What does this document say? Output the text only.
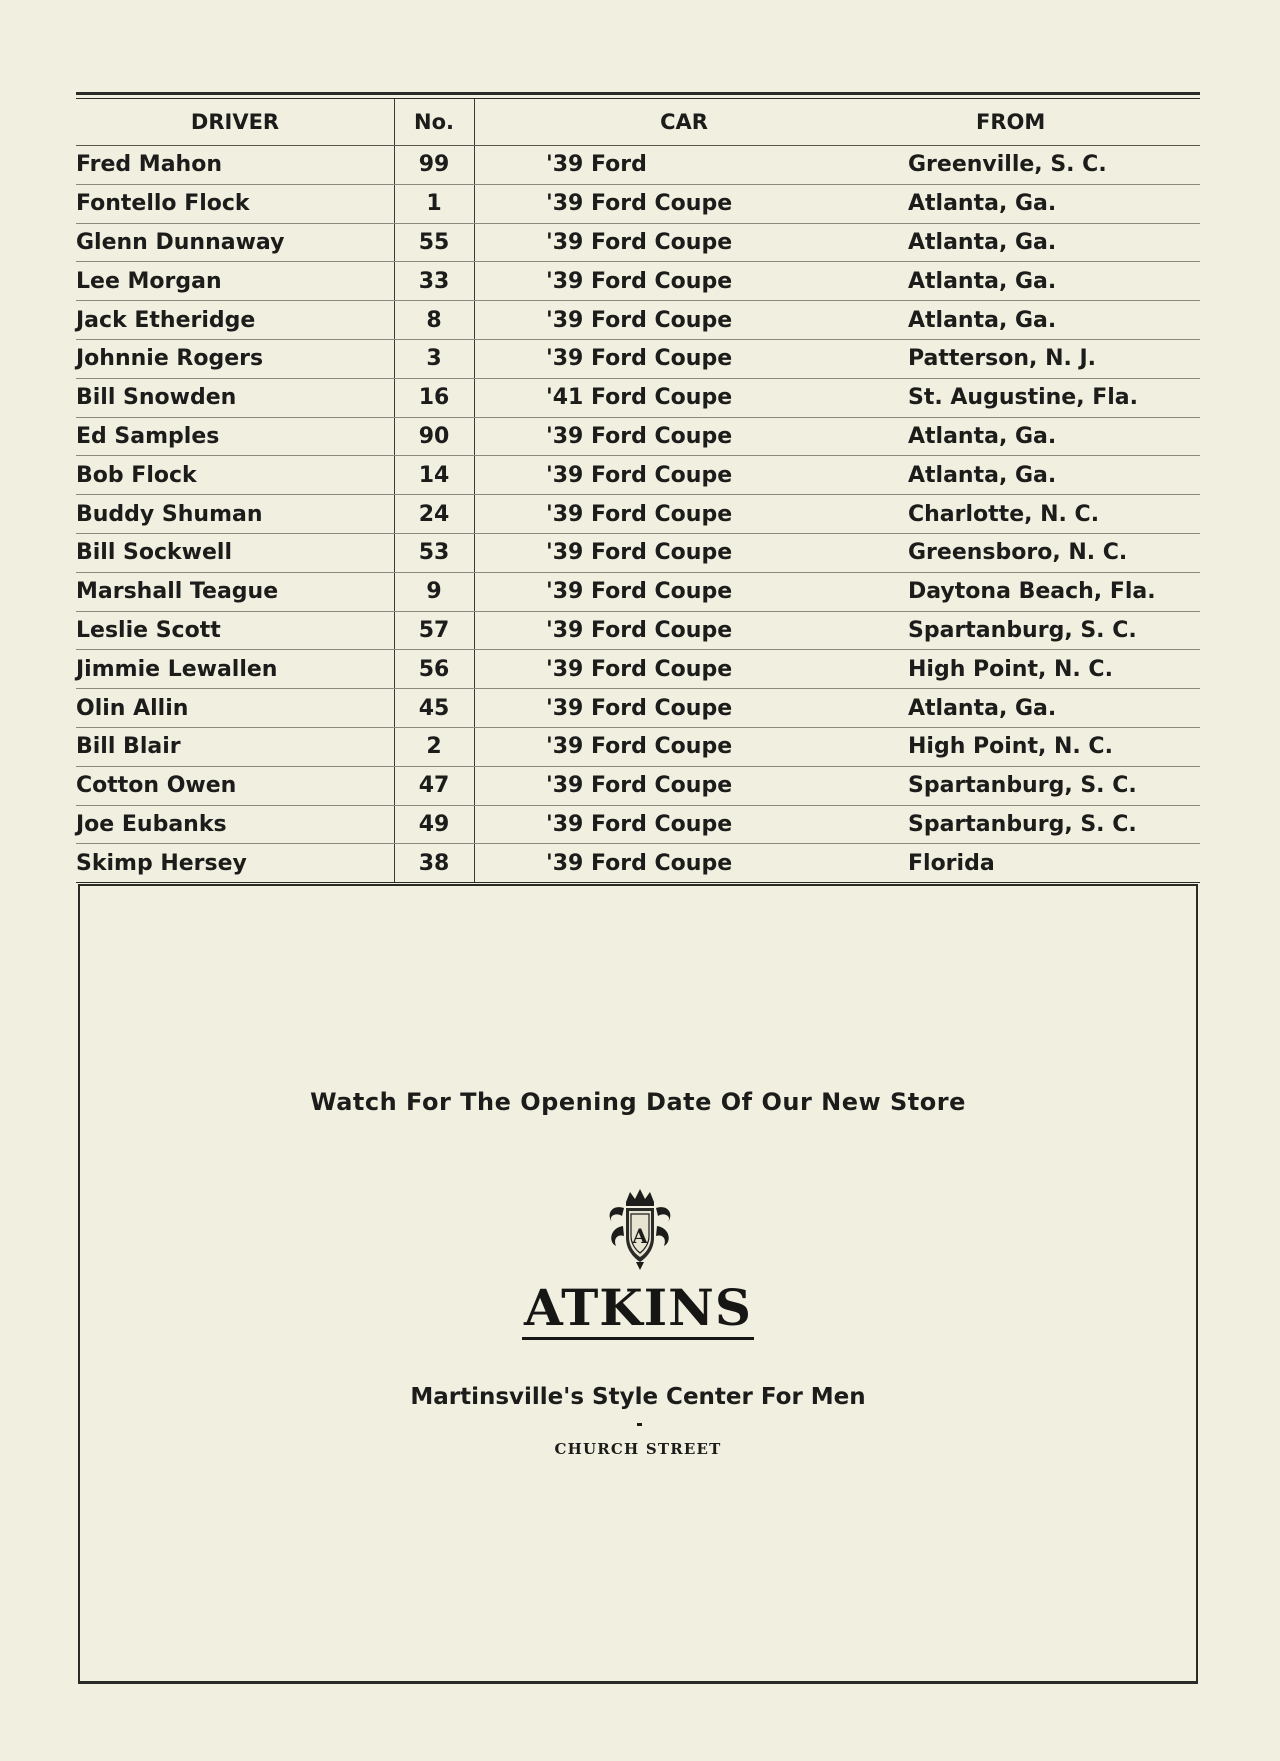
DRIVER	No.	CAR	FROM
Fred Mahon	99	'39 Ford	Greenville, S. C.
Fontello Flock	1	'39 Ford Coupe	Atlanta, Ga.
Glenn Dunnaway	55	'39 Ford Coupe	Atlanta, Ga.
Lee Morgan	33	'39 Ford Coupe	Atlanta, Ga.
Jack Etheridge	8	'39 Ford Coupe	Atlanta, Ga.
Johnnie Rogers	3	'39 Ford Coupe	Patterson, N. J.
Bill Snowden	16	'41 Ford Coupe	St. Augustine, Fla.
Ed Samples	90	'39 Ford Coupe	Atlanta, Ga.
Bob Flock	14	'39 Ford Coupe	Atlanta, Ga.
Buddy Shuman	24	'39 Ford Coupe	Charlotte, N. C.
Bill Sockwell	53	'39 Ford Coupe	Greensboro, N. C.
Marshall Teague	9	'39 Ford Coupe	Daytona Beach, Fla.
Leslie Scott	57	'39 Ford Coupe	Spartanburg, S. C.
Jimmie Lewallen	56	'39 Ford Coupe	High Point, N. C.
Olin Allin	45	'39 Ford Coupe	Atlanta, Ga.
Bill Blair	2	'39 Ford Coupe	High Point, N. C.
Cotton Owen	47	'39 Ford Coupe	Spartanburg, S. C.
Joe Eubanks	49	'39 Ford Coupe	Spartanburg, S. C.
Skimp Hersey	38	'39 Ford Coupe	Florida
Watch For The Opening Date Of Our New Store
A
ATKINS
Martinsville's Style Center For Men
CHURCH STREET
